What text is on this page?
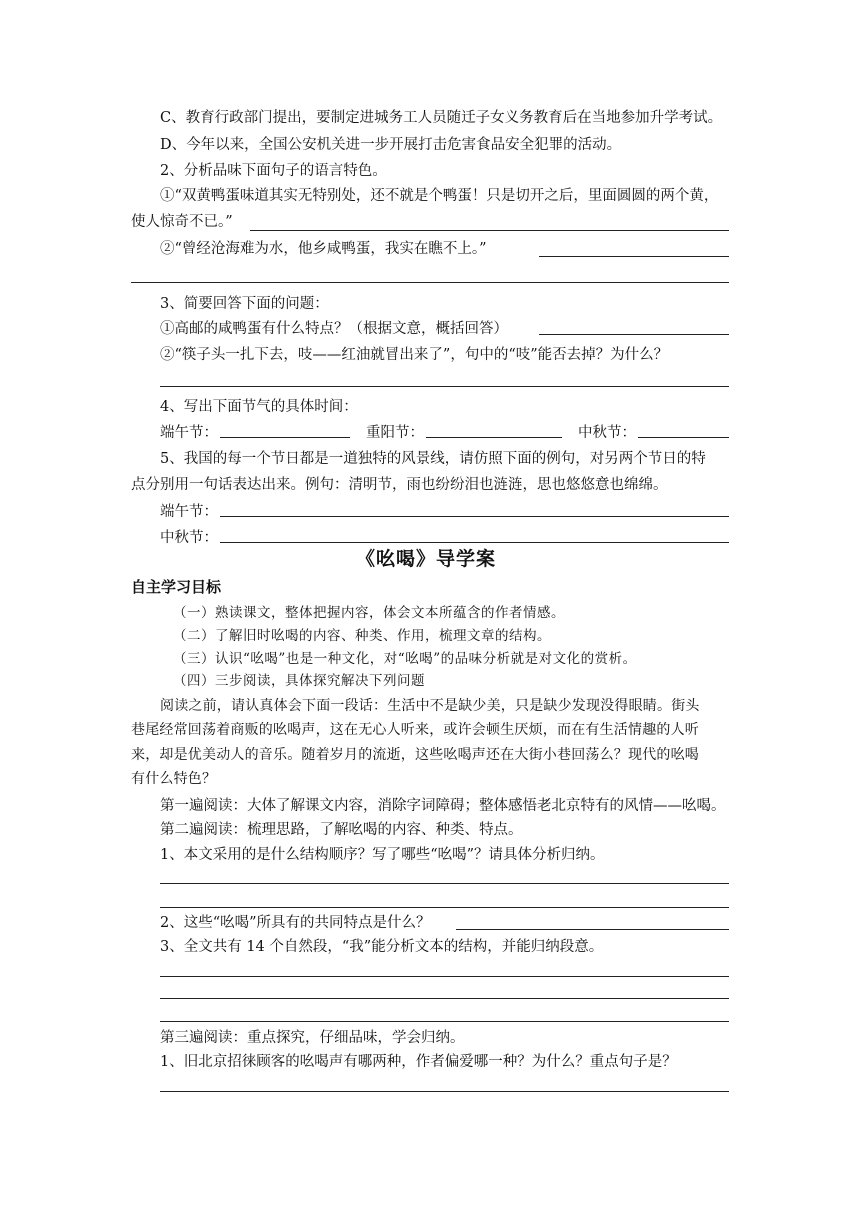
C、教育行政部门提出，要制定进城务工人员随迁子女义务教育后在当地参加升学考试。
D、今年以来，全国公安机关进一步开展打击危害食品安全犯罪的活动。
2、分析品味下面句子的语言特色。
①“双黄鸭蛋味道其实无特别处，还不就是个鸭蛋！只是切开之后，里面圆圆的两个黄，
使人惊奇不已。”
②“曾经沧海难为水，他乡咸鸭蛋，我实在瞧不上。”
3、简要回答下面的问题：
①高邮的咸鸭蛋有什么特点？（根据文意，概括回答）
②“筷子头一扎下去，吱——红油就冒出来了”，句中的“吱”能否去掉？为什么？
4、写出下面节气的具体时间：
端午节：	重阳节：	中秋节：
5、我国的每一个节日都是一道独特的风景线，请仿照下面的例句，对另两个节日的特
点分别用一句话表达出来。例句：清明节，雨也纷纷泪也涟涟，思也悠悠意也绵绵。
端午节：
中秋节：
《吆喝》导学案
自主学习目标
（一）熟读课文，整体把握内容，体会文本所蕴含的作者情感。
（二）了解旧时吆喝的内容、种类、作用，梳理文章的结构。
（三）认识“吆喝”也是一种文化，对“吆喝”的品味分析就是对文化的赏析。
（四）三步阅读，具体探究解决下列问题
阅读之前，请认真体会下面一段话：生活中不是缺少美，只是缺少发现没得眼睛。街头
巷尾经常回荡着商贩的吆喝声，这在无心人听来，或许会顿生厌烦，而在有生活情趣的人听
来，却是优美动人的音乐。随着岁月的流逝，这些吆喝声还在大街小巷回荡么？现代的吆喝
有什么特色？
第一遍阅读：大体了解课文内容，消除字词障碍；整体感悟老北京特有的风情——吆喝。
第二遍阅读：梳理思路，了解吆喝的内容、种类、特点。
1、本文采用的是什么结构顺序？写了哪些“吆喝”？请具体分析归纳。
2、这些“吆喝”所具有的共同特点是什么？
3、全文共有 14 个自然段，“我”能分析文本的结构，并能归纳段意。
第三遍阅读：重点探究，仔细品味，学会归纳。
1、旧北京招徕顾客的吆喝声有哪两种，作者偏爱哪一种？为什么？重点句子是？
